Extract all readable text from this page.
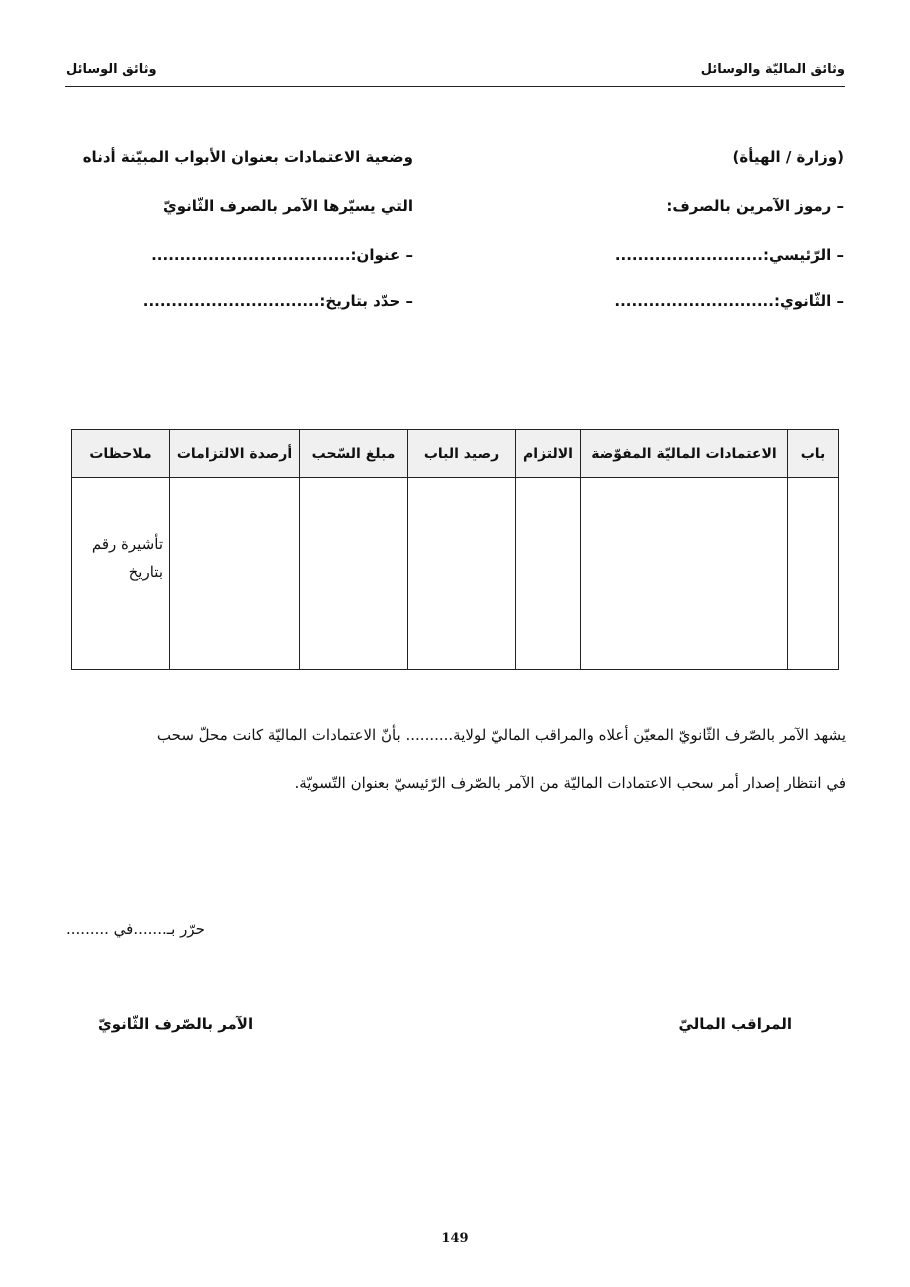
وثائق الماليّة والوسائل
وثائق الوسائل
(وزارة / الهيأة)
– رموز الآمرين بالصرف:
– الرّئيسي:..........................
– الثّانوي:............................
وضعية الاعتمادات بعنوان الأبواب المبيّنة أدناه
التي يسيّرها الآمر بالصرف الثّانويّ
– عنوان:...................................
– حدّد بتاريخ:...............................
باب	الاعتمادات الماليّة المفوّضة	الالتزام	رصيد الباب	مبلغ السّحب	أرصدة الالتزامات	ملاحظات

						تأشيرة رقم
بتاريخ
يشهد الآمر بالصّرف الثّانويّ المعيّن أعلاه والمراقب الماليّ لولاية.......... بأنّ الاعتمادات الماليّة كانت محلّ سحب
في انتظار إصدار أمر سحب الاعتمادات الماليّة من الآمر بالصّرف الرّئيسيّ بعنوان التّسويّة.
حرّر بـ.......في .........
المراقب الماليّ
الآمر بالصّرف الثّانويّ
149
